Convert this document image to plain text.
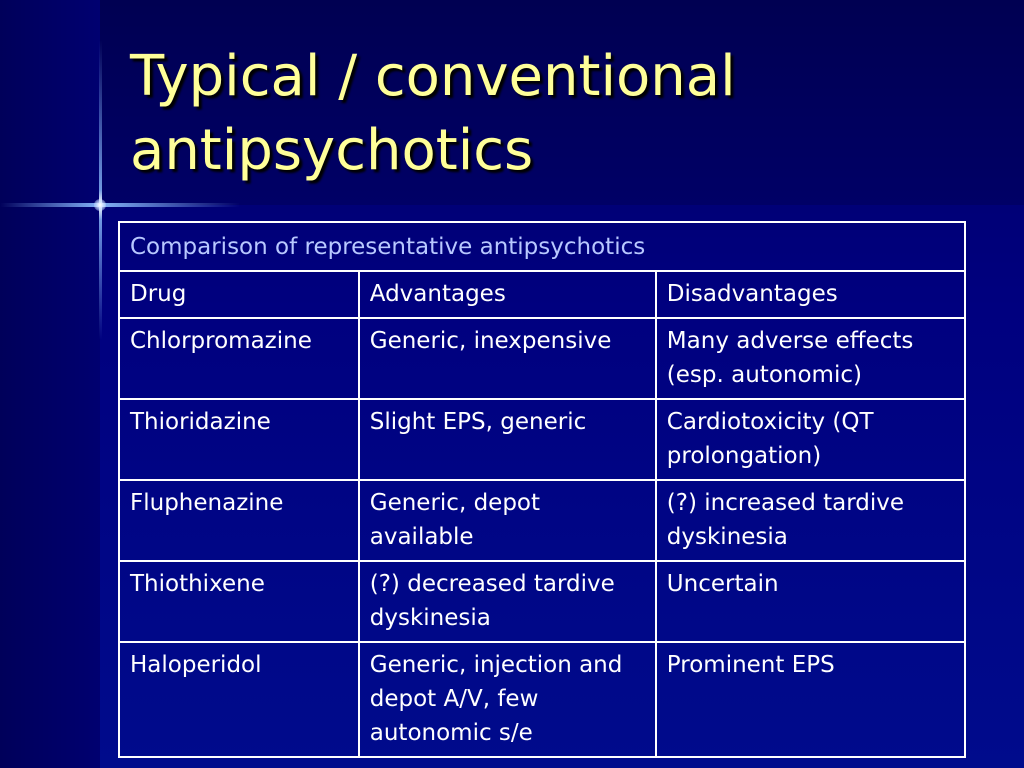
Typical / conventional antipsychotics
Comparison of representative antipsychotics		
Drug	Advantages	Disadvantages
Chlorpromazine	Generic, inexpensive	Many adverse effects (esp. autonomic)
Thioridazine	Slight EPS, generic	Cardiotoxicity (QT prolongation)
Fluphenazine	Generic, depot available	(?) increased tardive dyskinesia
Thiothixene	(?) decreased tardive dyskinesia	Uncertain
Haloperidol	Generic, injection and depot A/V, few autonomic s/e	Prominent EPS
